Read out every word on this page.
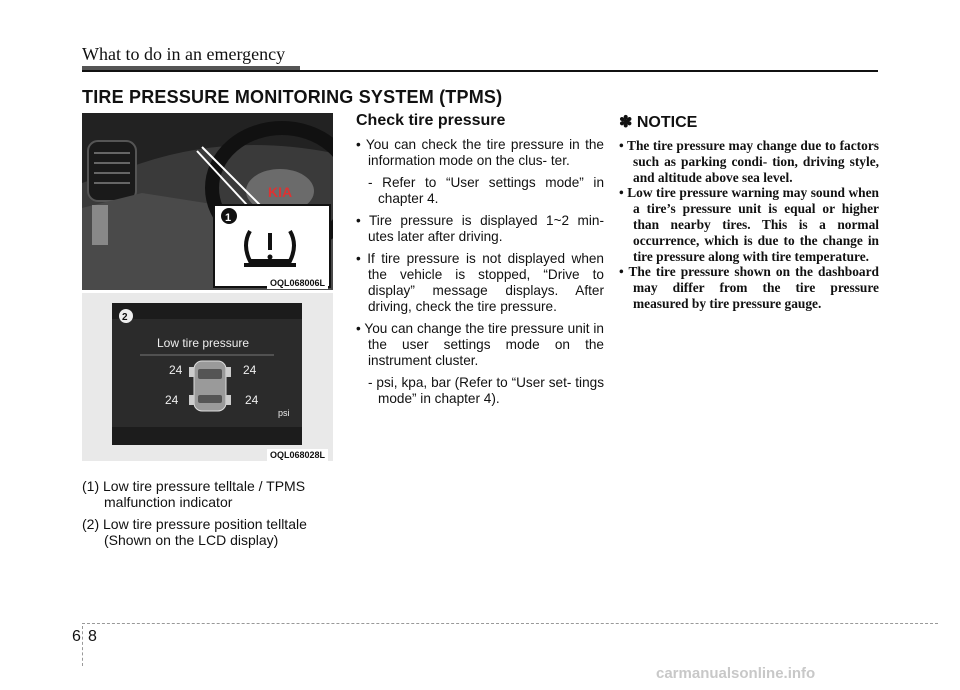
What to do in an emergency
TIRE PRESSURE MONITORING SYSTEM (TPMS)
KIA
1
OQL068006L
2
Low tire pressure
24	24
24	24
psi
OQL068028L

(1) Low tire pressure telltale / TPMS malfunction indicator

(2) Low tire pressure position telltale (Shown on the LCD display)

Check tire pressure

• You can check the tire pressure in the information mode on the clus- ter.

- Refer to “User settings mode” in chapter 4.

• Tire pressure is displayed 1~2 min- utes later after driving.

• If tire pressure is not displayed when the vehicle is stopped, “Drive to display” message displays. After driving, check the tire pressure.

• You can change the tire pressure unit in the user settings mode on the instrument cluster.

- psi, kpa, bar (Refer to “User set- tings mode” in chapter 4).

✽ NOTICE

• The tire pressure may change due to factors such as parking condi- tion, driving style, and altitude above sea level.

• Low tire pressure warning may sound when a tire’s pressure unit is equal or higher than nearby tires. This is a normal occurrence, which is due to the change in tire pressure along with tire temperature.

• The tire pressure shown on the dashboard may differ from the tire pressure measured by tire pressure gauge.

6 8
carmanualsonline.info
